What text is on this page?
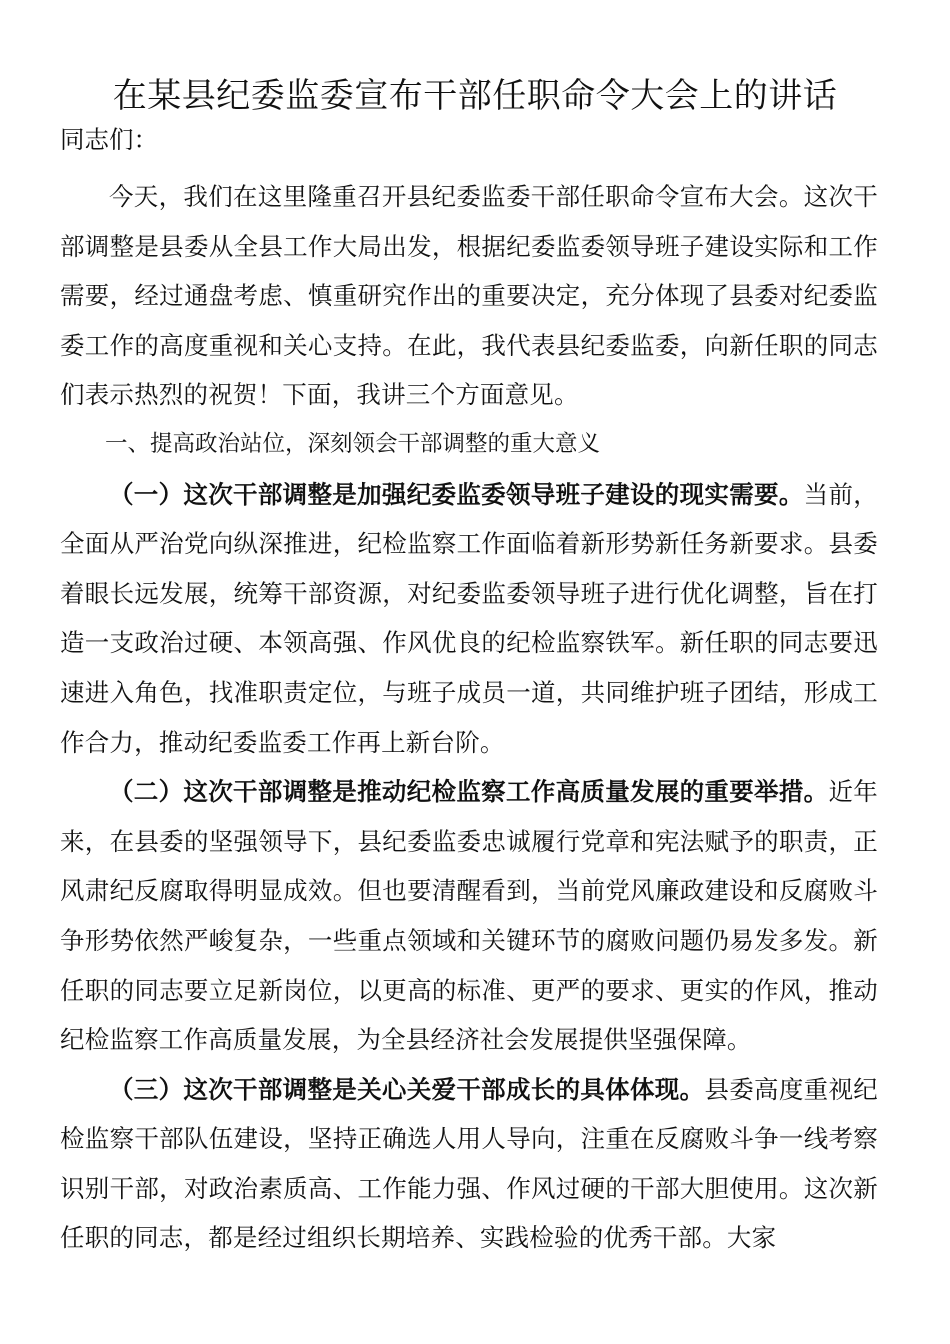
在某县纪委监委宣布干部任职命令大会上的讲话

同志们：

今天，我们在这里隆重召开县纪委监委干部任职命令宣布大会。这次干部调整是县委从全县工作大局出发，根据纪委监委领导班子建设实际和工作需要，经过通盘考虑、慎重研究作出的重要决定，充分体现了县委对纪委监委工作的高度重视和关心支持。在此，我代表县纪委监委，向新任职的同志们表示热烈的祝贺！下面，我讲三个方面意见。

一、提高政治站位，深刻领会干部调整的重大意义

（一）这次干部调整是加强纪委监委领导班子建设的现实需要。当前，全面从严治党向纵深推进，纪检监察工作面临着新形势新任务新要求。县委着眼长远发展，统筹干部资源，对纪委监委领导班子进行优化调整，旨在打造一支政治过硬、本领高强、作风优良的纪检监察铁军。新任职的同志要迅速进入角色，找准职责定位，与班子成员一道，共同维护班子团结，形成工作合力，推动纪委监委工作再上新台阶。

（二）这次干部调整是推动纪检监察工作高质量发展的重要举措。近年来，在县委的坚强领导下，县纪委监委忠诚履行党章和宪法赋予的职责，正风肃纪反腐取得明显成效。但也要清醒看到，当前党风廉政建设和反腐败斗争形势依然严峻复杂，一些重点领域和关键环节的腐败问题仍易发多发。新任职的同志要立足新岗位，以更高的标准、更严的要求、更实的作风，推动纪检监察工作高质量发展，为全县经济社会发展提供坚强保障。

（三）这次干部调整是关心关爱干部成长的具体体现。县委高度重视纪检监察干部队伍建设，坚持正确选人用人导向，注重在反腐败斗争一线考察识别干部，对政治素质高、工作能力强、作风过硬的干部大胆使用。这次新任职的同志，都是经过组织长期培养、实践检验的优秀干部。大家
